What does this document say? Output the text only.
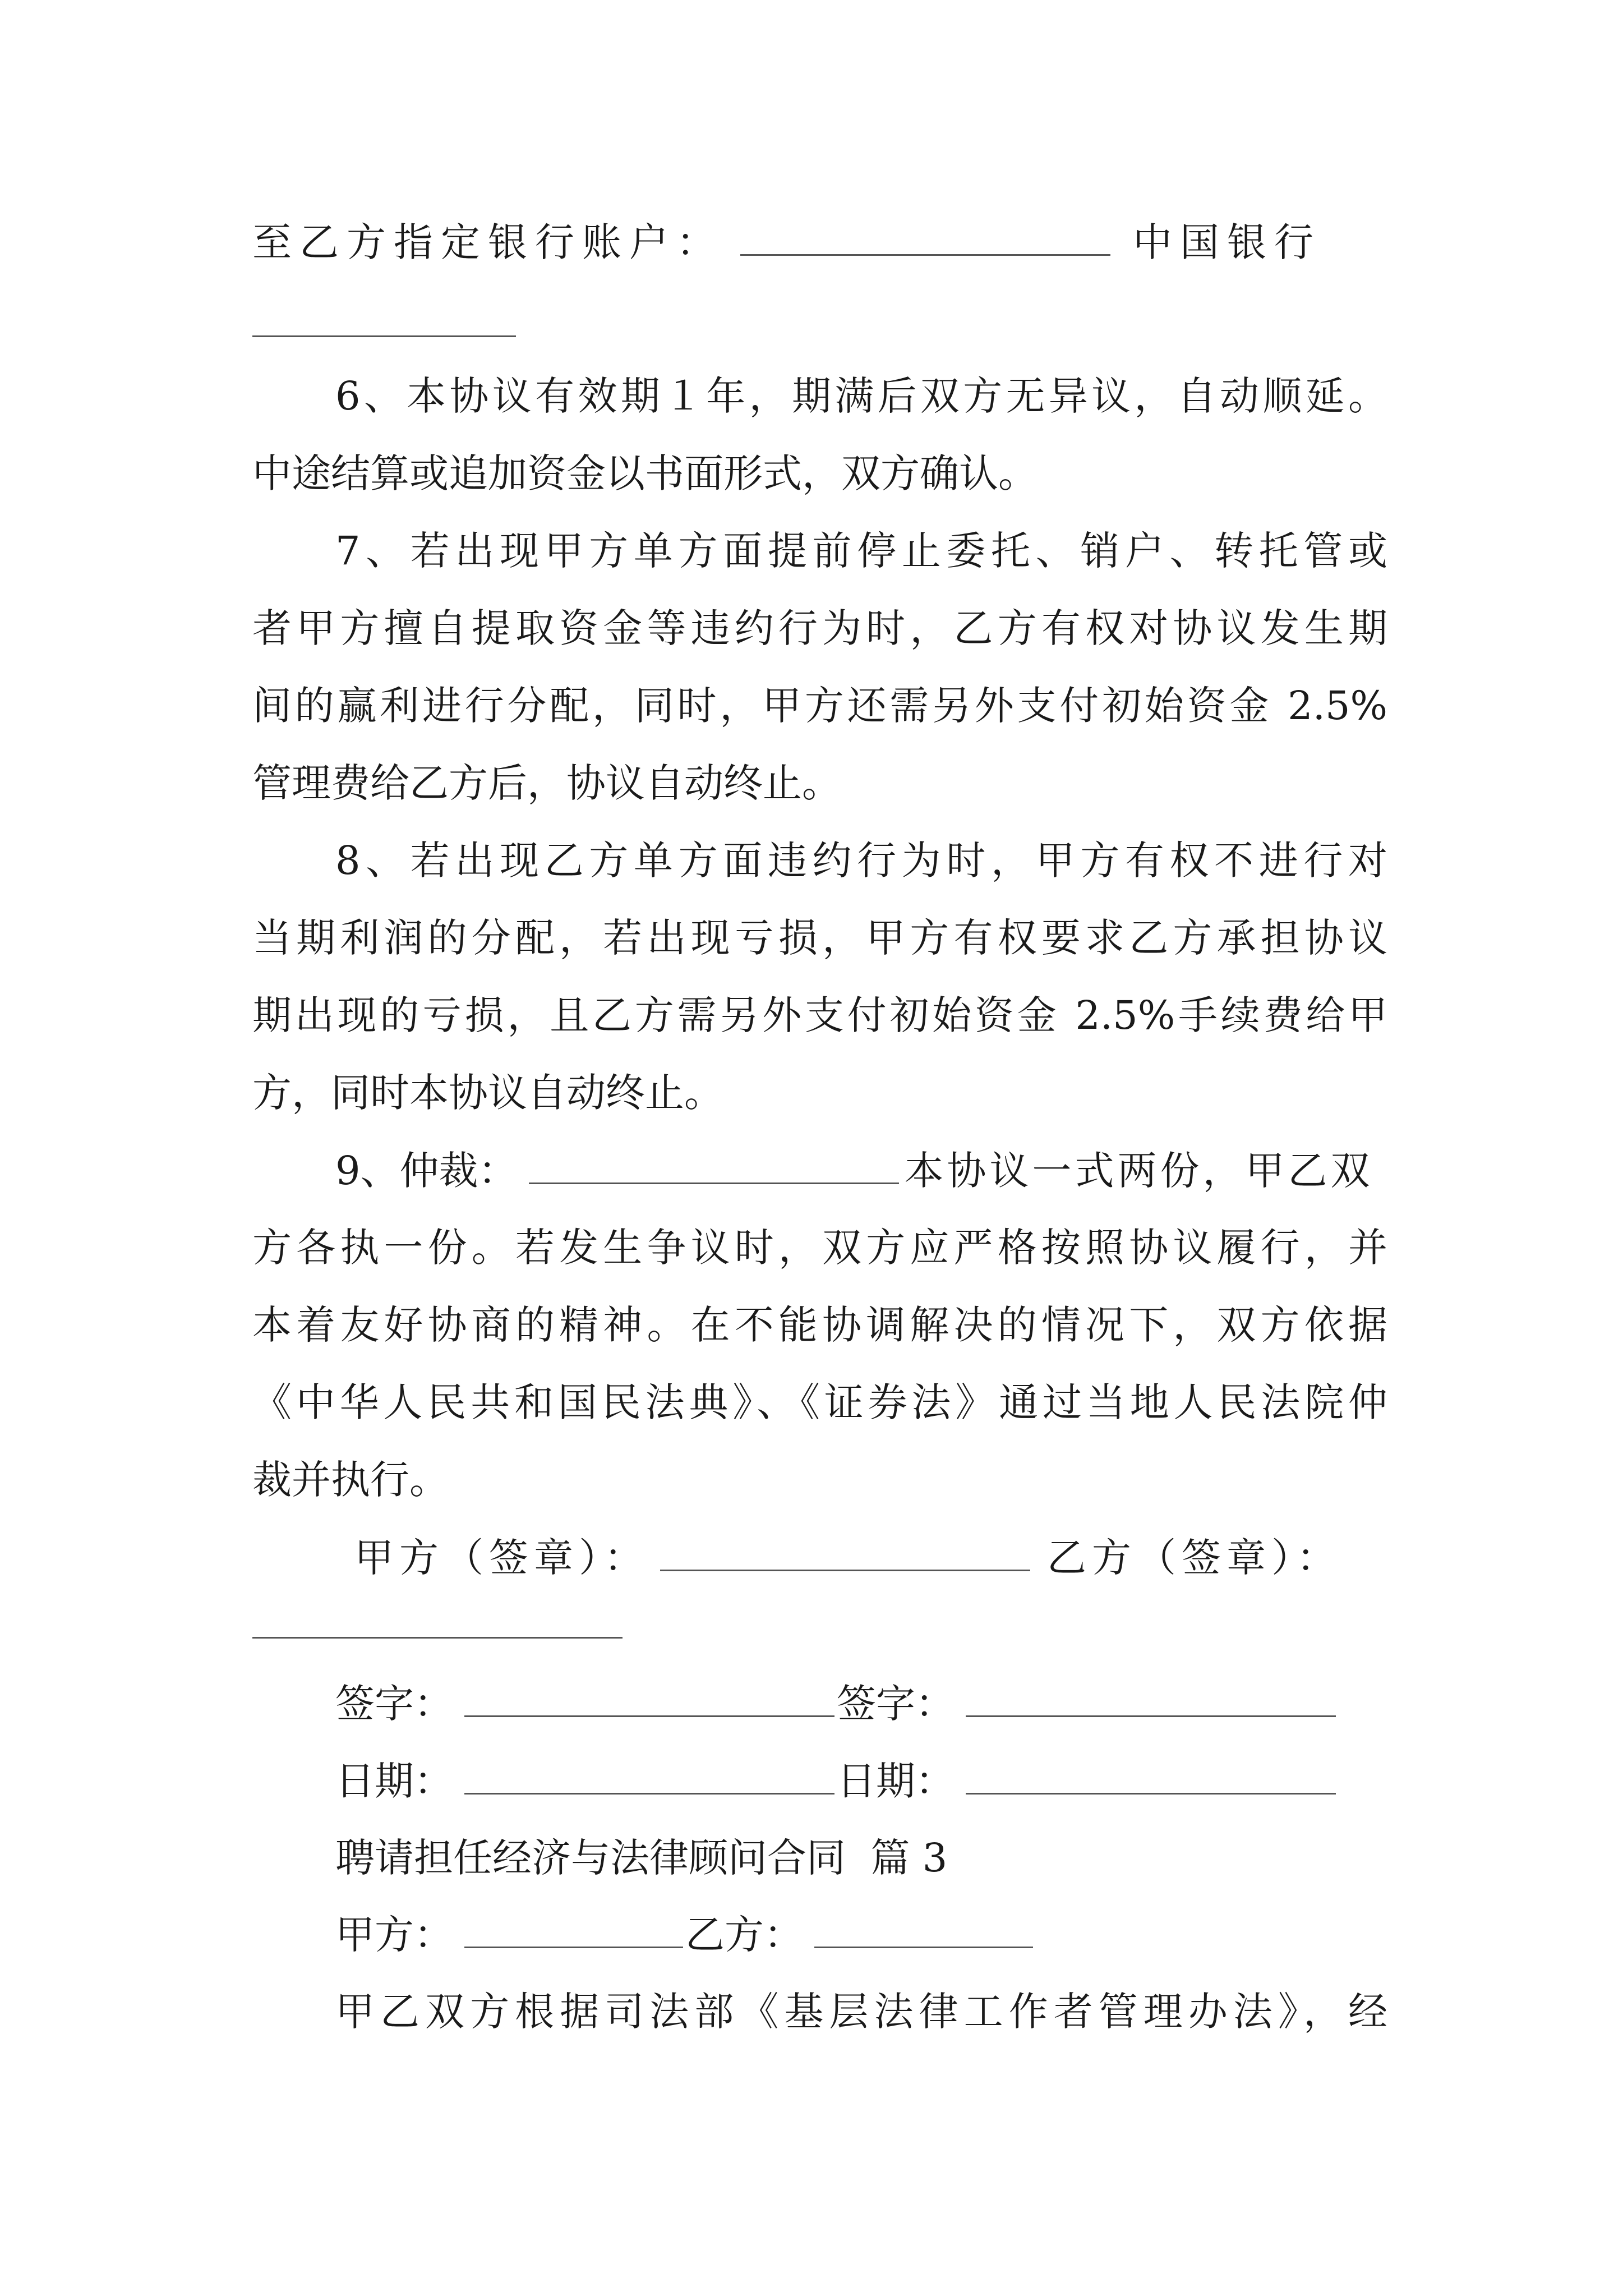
至乙方指定银行账户：	中国银行
6、本协议有效期１年，期满后双方无异议，自动顺延。
中途结算或追加资金以书面形式，双方确认。
7、若出现甲方单方面提前停止委托、销户、转托管或
者甲方擅自提取资金等违约行为时，乙方有权对协议发生期
间的赢利进行分配，同时，甲方还需另外支付初始资金 2.5%
管理费给乙方后，协议自动终止。
8、若出现乙方单方面违约行为时，甲方有权不进行对
当期利润的分配，若出现亏损，甲方有权要求乙方承担协议
期出现的亏损，且乙方需另外支付初始资金 2.5%手续费给甲
方，同时本协议自动终止。
9、仲裁：	本协议一式两份，甲乙双
方各执一份。若发生争议时，双方应严格按照协议履行，并
本着友好协商的精神。在不能协调解决的情况下，双方依据
《中华人民共和国民法典》、《证券法》通过当地人民法院仲
裁并执行。
甲方（签章）：	乙方（签章）：
签字：	签字：
日期：	日期：
聘请担任经济与法律顾问合同  篇 3
甲方：	乙方：
甲乙双方根据司法部《基层法律工作者管理办法》，经
